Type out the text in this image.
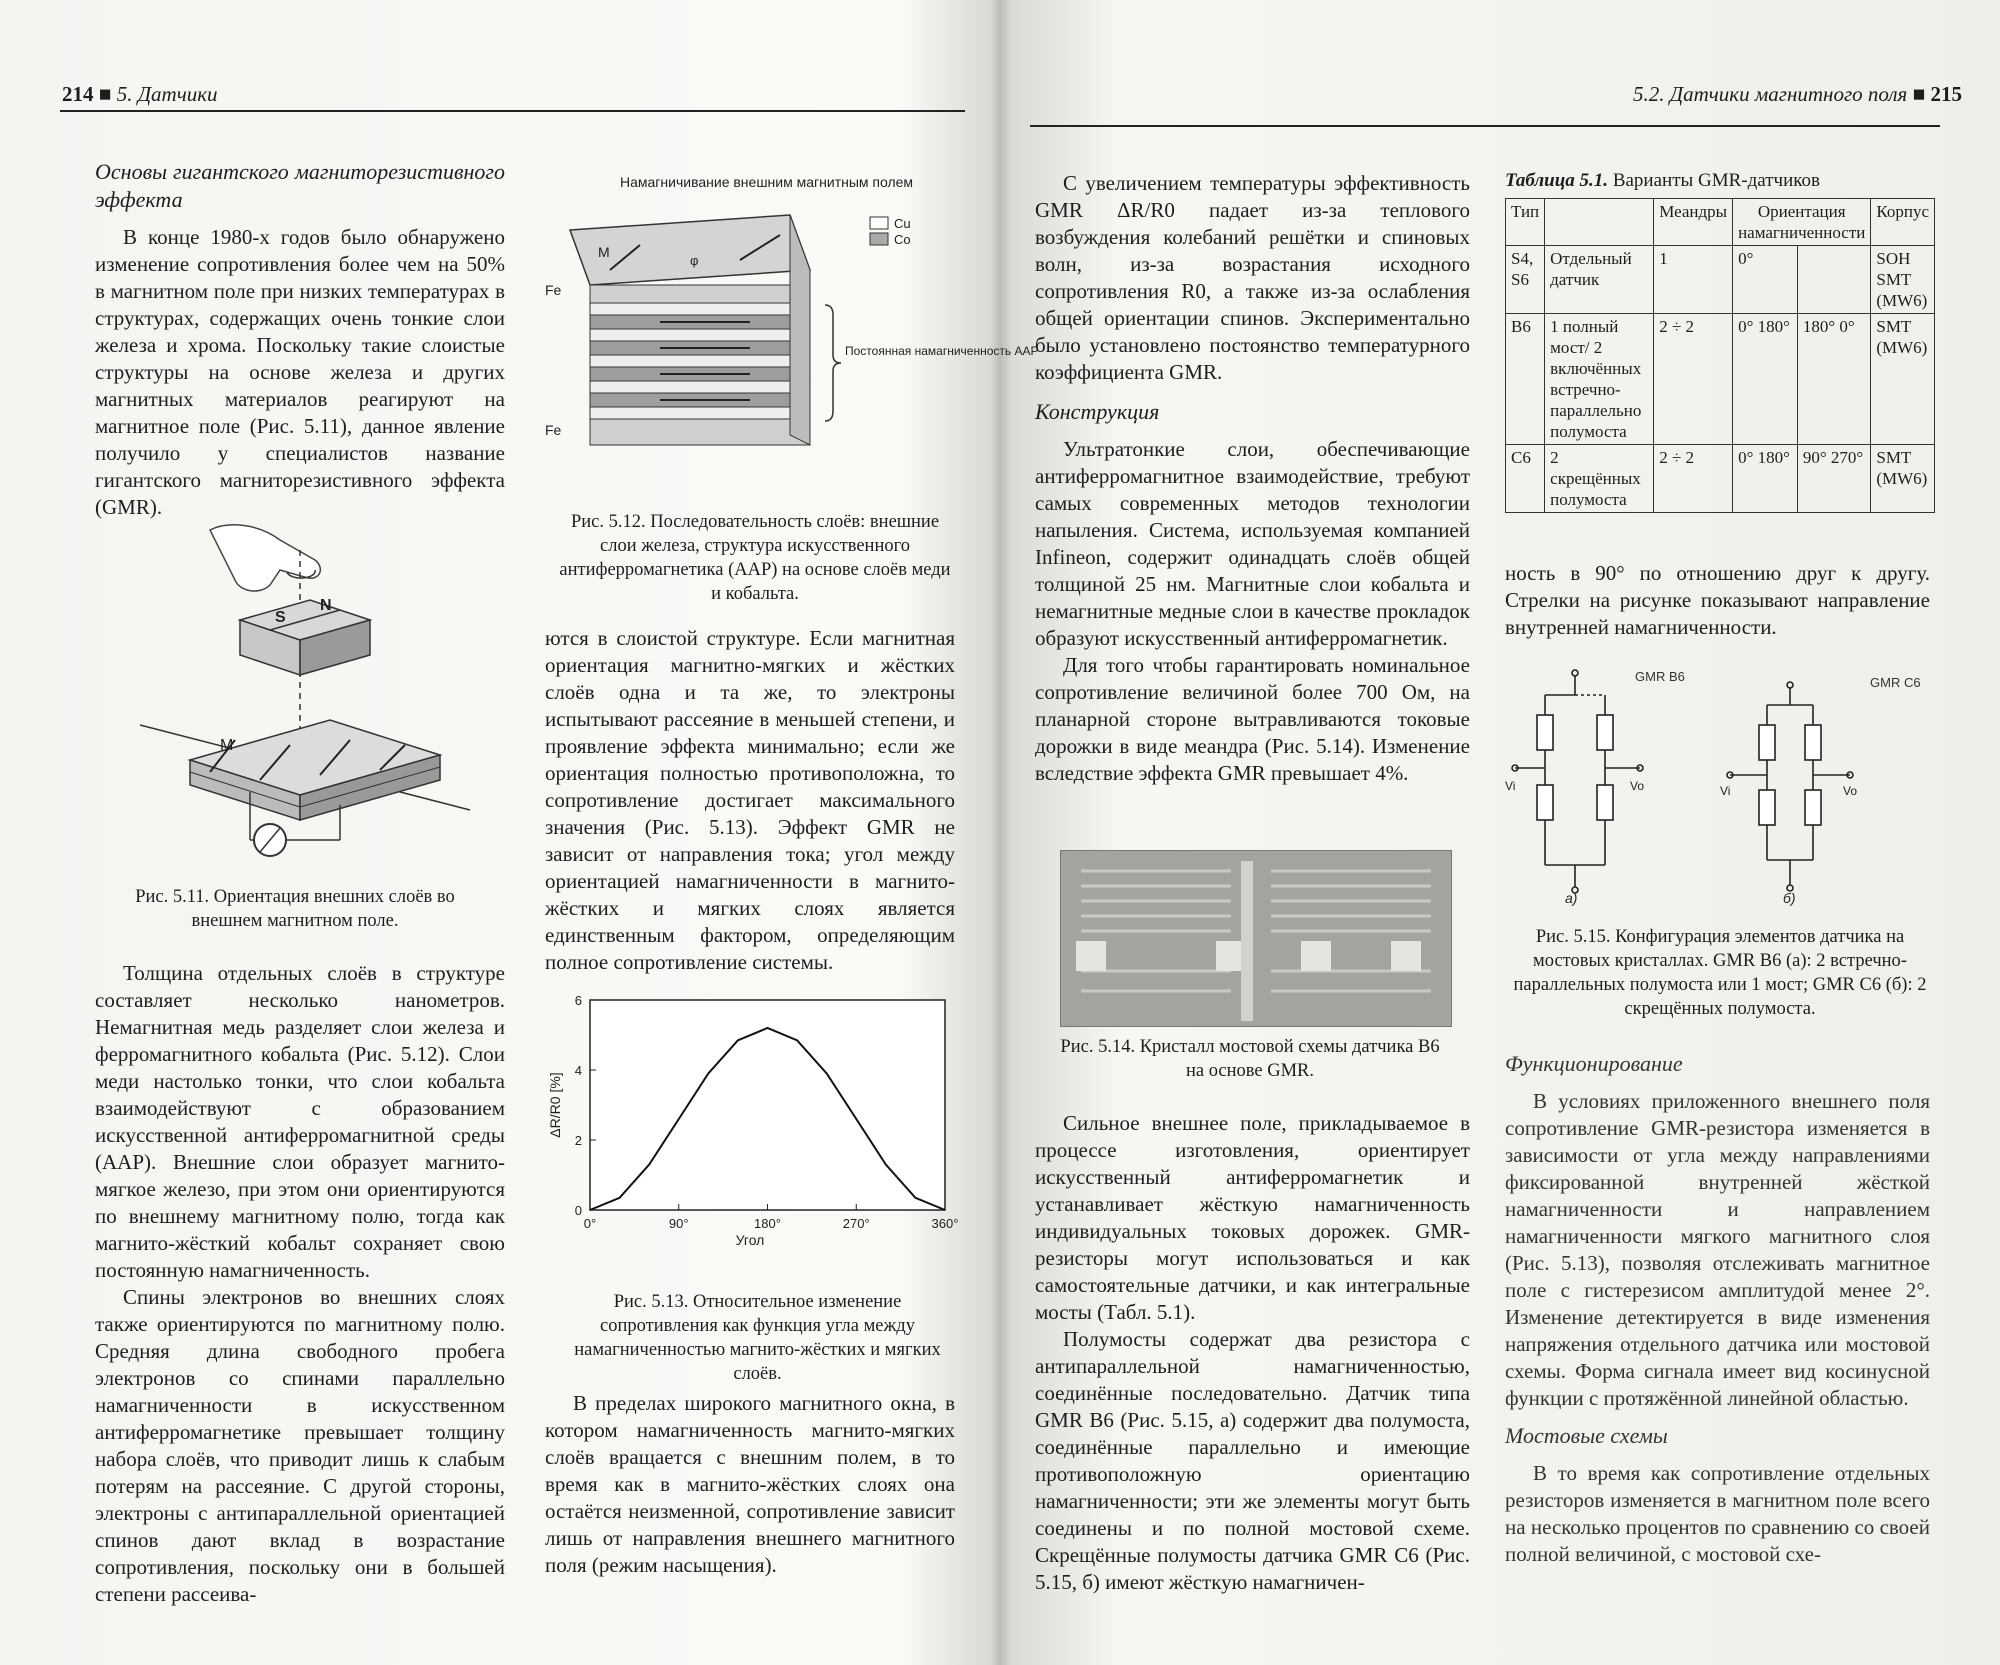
214 ■ 5. Датчики
Основы гигантского магниторезистивного эффекта

В конце 1980-х годов было обнаружено изменение сопротивления более чем на 50% в магнитном поле при низких температурах в структурах, содержащих очень тонкие слои железа и хрома. Поскольку такие слоистые структуры на основе железа и других магнитных материалов реагируют на магнитное поле (Рис. 5.11), данное явление получило у специалистов название гигантского магниторезистивного эффекта (GMR).

S
N
M
Рис. 5.11. Ориентация внешних слоёв во внешнем магнитном поле.

Толщина отдельных слоёв в структуре составляет несколько нанометров. Немагнитная медь разделяет слои железа и ферромагнитного кобальта (Рис. 5.12). Слои меди настолько тонки, что слои кобальта взаимодействуют с образованием искусственной антиферромагнитной среды (AAP). Внешние слои образует магнито-мягкое железо, при этом они ориентируются по внешнему магнитному полю, тогда как магнито-жёсткий кобальт сохраняет свою постоянную намагниченность.

Спины электронов во внешних слоях также ориентируются по магнитному полю. Средняя длина свободного пробега электронов со спинами параллельно намагниченности в искусственном антиферромагнетике превышает толщину набора слоёв, что приводит лишь к слабым потерям на рассеяние. С другой стороны, электроны с антипараллельной ориентацией спинов дают вклад в возрастание сопротивления, поскольку они в большей степени рассеива-

Намагничивание внешним магнитным полем
Cu
Co
M
φ
Fe
Fe
Постоянная намагниченность AAP
Рис. 5.12. Последовательность слоёв: внешние слои железа, структура искусственного антиферромагнетика (AAP) на основе слоёв меди и кобальта.

ются в слоистой структуре. Если магнитная ориентация магнитно-мягких и жёстких слоёв одна и та же, то электроны испытывают рассеяние в меньшей степени, и проявление эффекта минимально; если же ориентация полностью противоположна, то сопротивление достигает максимального значения (Рис. 5.13). Эффект GMR не зависит от направления тока; угол между ориентацией намагниченности в магнито-жёстких и мягких слоях является единственным фактором, определяющим полное сопротивление системы.

0
2
4
6
0°	90°	180°	270°	360°
Угол
ΔR/R0 [%]
Рис. 5.13. Относительное изменение сопротивления как функция угла между намагниченностью магнито-жёстких и мягких слоёв.

В пределах широкого магнитного окна, в котором намагниченность магнито-мягких слоёв вращается с внешним полем, в то время как в магнито-жёстких слоях она остаётся неизменной, сопротивление зависит лишь от направления внешнего магнитного поля (режим насыщения).

5.2. Датчики магнитного поля ■ 215

С увеличением температуры эффективность GMR ΔR/R0 падает из-за теплового возбуждения колебаний решётки и спиновых волн, из-за возрастания исходного сопротивления R0, а также из-за ослабления общей ориентации спинов. Экспериментально было установлено постоянство температурного коэффициента GMR.

Конструкция

Ультратонкие слои, обеспечивающие антиферромагнитное взаимодействие, требуют самых современных методов технологии напыления. Система, используемая компанией Infineon, содержит одинадцать слоёв общей толщиной 25 нм. Магнитные слои кобальта и немагнитные медные слои в качестве прокладок образуют искусственный антиферромагнетик.

Для того чтобы гарантировать номинальное сопротивление величиной более 700 Ом, на планарной стороне вытравливаются токовые дорожки в виде меандра (Рис. 5.14). Изменение вследствие эффекта GMR превышает 4%.

Рис. 5.14. Кристалл мостовой схемы датчика B6 на основе GMR.

Сильное внешнее поле, прикладываемое в процессе изготовления, ориентирует искусственный антиферромагнетик и устанавливает жёсткую намагниченность индивидуальных токовых дорожек. GMR-резисторы могут использоваться и как самостоятельные датчики, и как интегральные мосты (Табл. 5.1).

Полумосты содержат два резистора с антипараллельной намагниченностью, соединённые последовательно. Датчик типа GMR B6 (Рис. 5.15, а) содержит два полумоста, соединённые параллельно и имеющие противоположную ориентацию намагниченности; эти же элементы могут быть соединены и по полной мостовой схеме. Скрещённые полумосты датчика GMR C6 (Рис. 5.15, б) имеют жёсткую намагничен-

Таблица 5.1. Варианты GMR-датчиков
Тип		Меандры	Ориентация намагниченности		Корпус
S4, S6	Отдельный датчик	1	0°		SOH SMT (MW6)
B6	1 полный мост/ 2 включённых встречно-параллельно полумоста	2 ÷ 2	0° 180°	180° 0°	SMT (MW6)
C6	2 скрещённых полумоста	2 ÷ 2	0° 180°	90° 270°	SMT (MW6)

ность в 90° по отношению друг к другу. Стрелки на рисунке показывают направление внутренней намагниченности.

GMR B6	GMR C6
Vi	Vo	Vi	Vo
а)	б)
Рис. 5.15. Конфигурация элементов датчика на мостовых кристаллах. GMR B6 (а): 2 встречно-параллельных полумоста или 1 мост; GMR C6 (б): 2 скрещённых полумоста.
Функционирование

В условиях приложенного внешнего поля сопротивление GMR-резистора изменяется в зависимости от угла между направлениями фиксированной внутренней жёсткой намагниченности и направлением намагниченности мягкого магнитного слоя (Рис. 5.13), позволяя отслеживать магнитное поле с гистерезисом амплитудой менее 2°. Изменение детектируется в виде изменения напряжения отдельного датчика или мостовой схемы. Форма сигнала имеет вид косинусной функции с протяжённой линейной областью.

Мостовые схемы

В то время как сопротивление отдельных резисторов изменяется в магнитном поле всего на несколько процентов по сравнению со своей полной величиной, с мостовой схе-
